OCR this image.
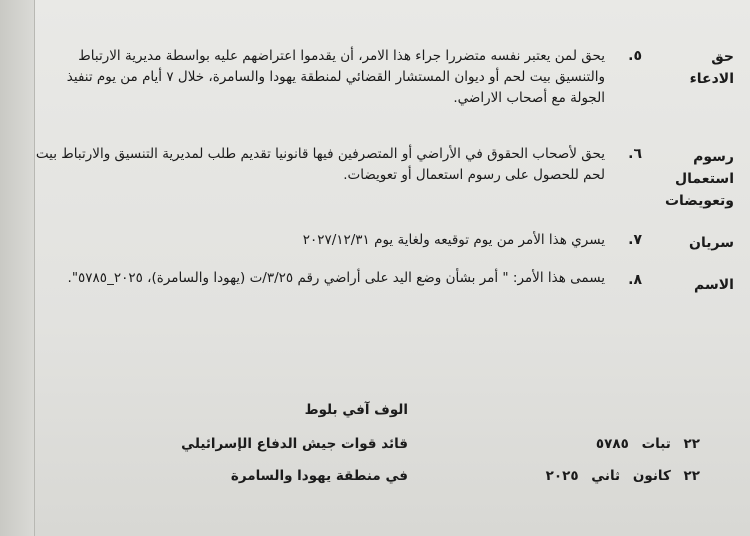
حق
الادعاء
٥.
يحق لمن يعتبر نفسه متضررا جراء هذا الامر، أن يقدموا اعتراضهم عليه بواسطة مديرية الارتباط والتنسيق بيت لحم أو ديوان المستشار القضائي لمنطقة يهودا والسامرة، خلال ٧ أيام من يوم تنفيذ الجولة مع أصحاب الاراضي.
رسوم
استعمال
وتعويضات
٦.
يحق لأصحاب الحقوق في الأراضي أو المتصرفين فيها قانونيا تقديم طلب لمديرية التنسيق والارتباط بيت لحم للحصول على رسوم استعمال أو تعويضات.
سريان
٧.
يسري هذا الأمر من يوم توقيعه ولغاية يوم ٢٠٢٧/١٢/٣١
الاسم
٨.
يسمى هذا الأمر: " أمر بشأن وضع اليد على أراضي رقم ٣/٢٥/ت (يهودا والسامرة)، ٢٠٢٥_٥٧٨٥".
الوف آفي بلوط
قائد قوات جيش الدفاع الإسرائيلي
في منطقة يهودا والسامرة
٢٢ تبات ٥٧٨٥
٢٢ كانون ثاني ٢٠٢٥
